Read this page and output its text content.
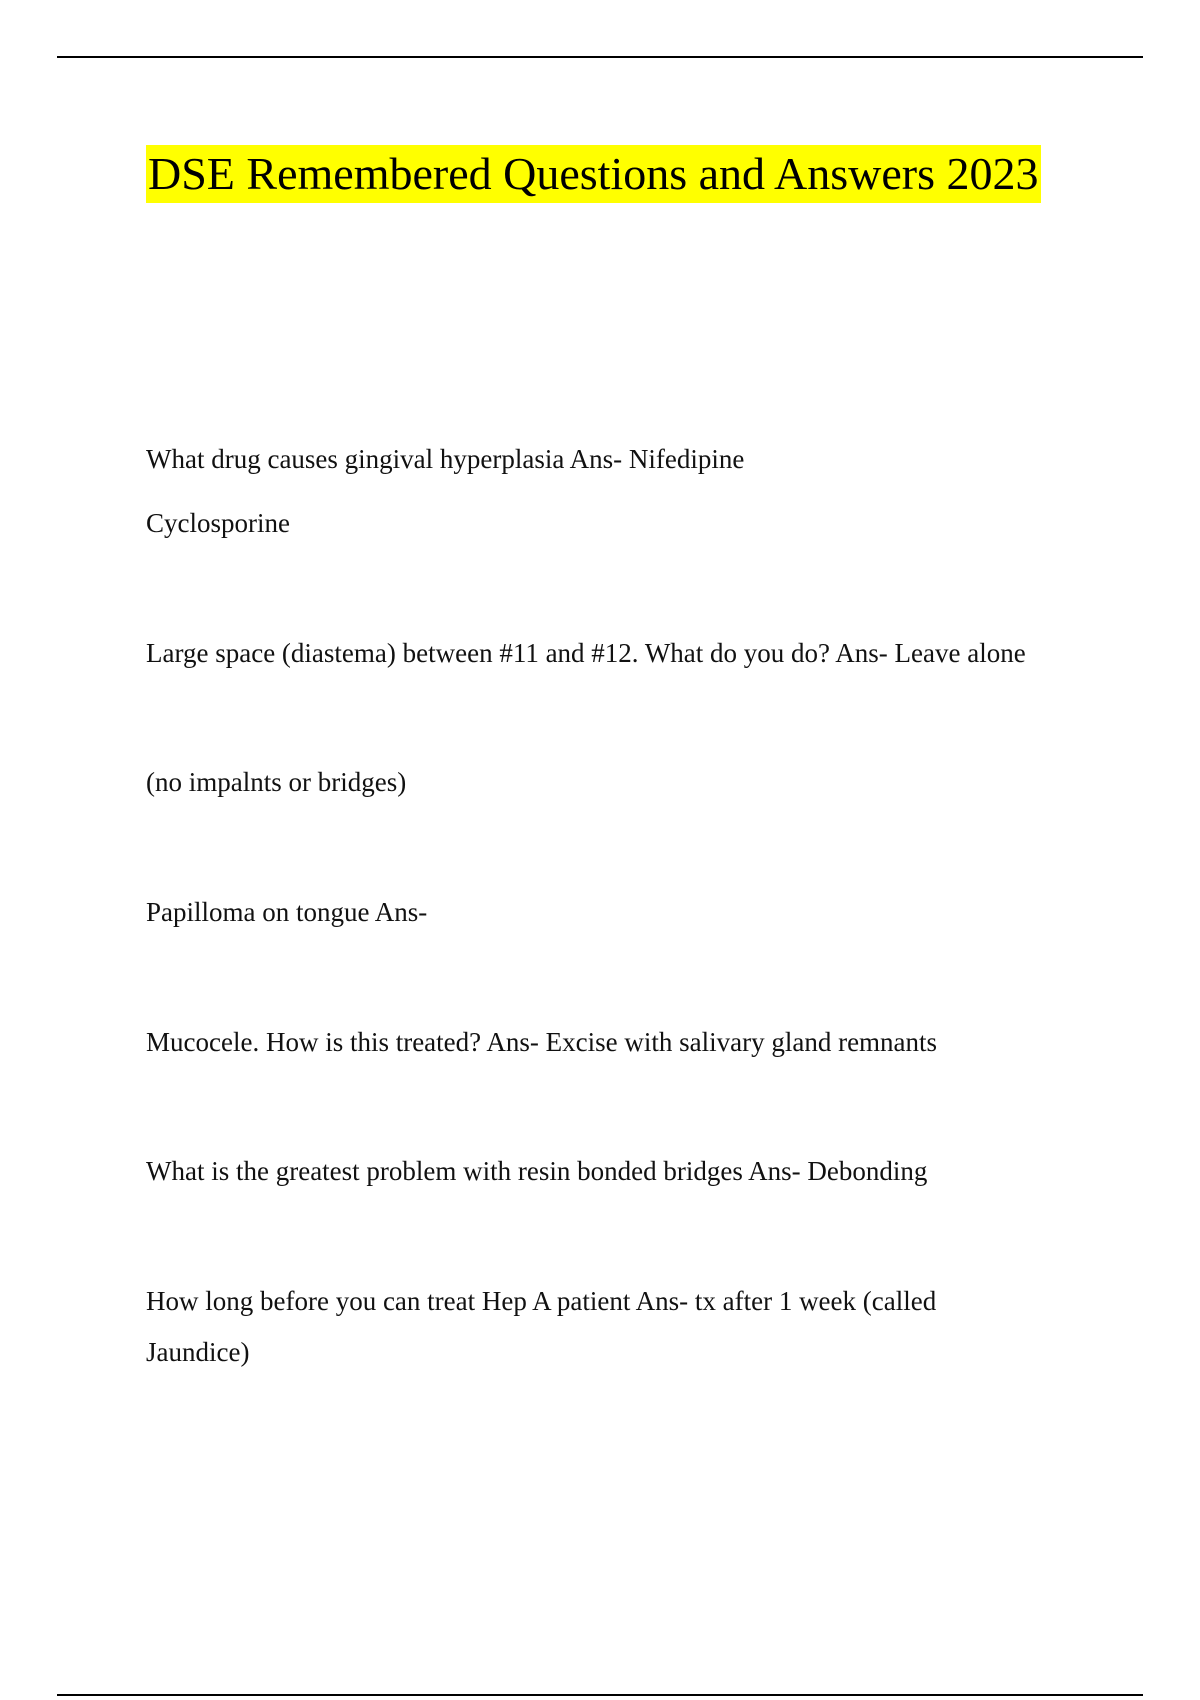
DSE Remembered Questions and Answers 2023
What drug causes gingival hyperplasia Ans- Nifedipine
Cyclosporine
Large space (diastema) between #11 and #12. What do you do? Ans- Leave alone
(no impalnts or bridges)
Papilloma on tongue Ans-
Mucocele. How is this treated? Ans- Excise with salivary gland remnants
What is the greatest problem with resin bonded bridges Ans- Debonding
How long before you can treat Hep A patient Ans- tx after 1 week (called
Jaundice)
